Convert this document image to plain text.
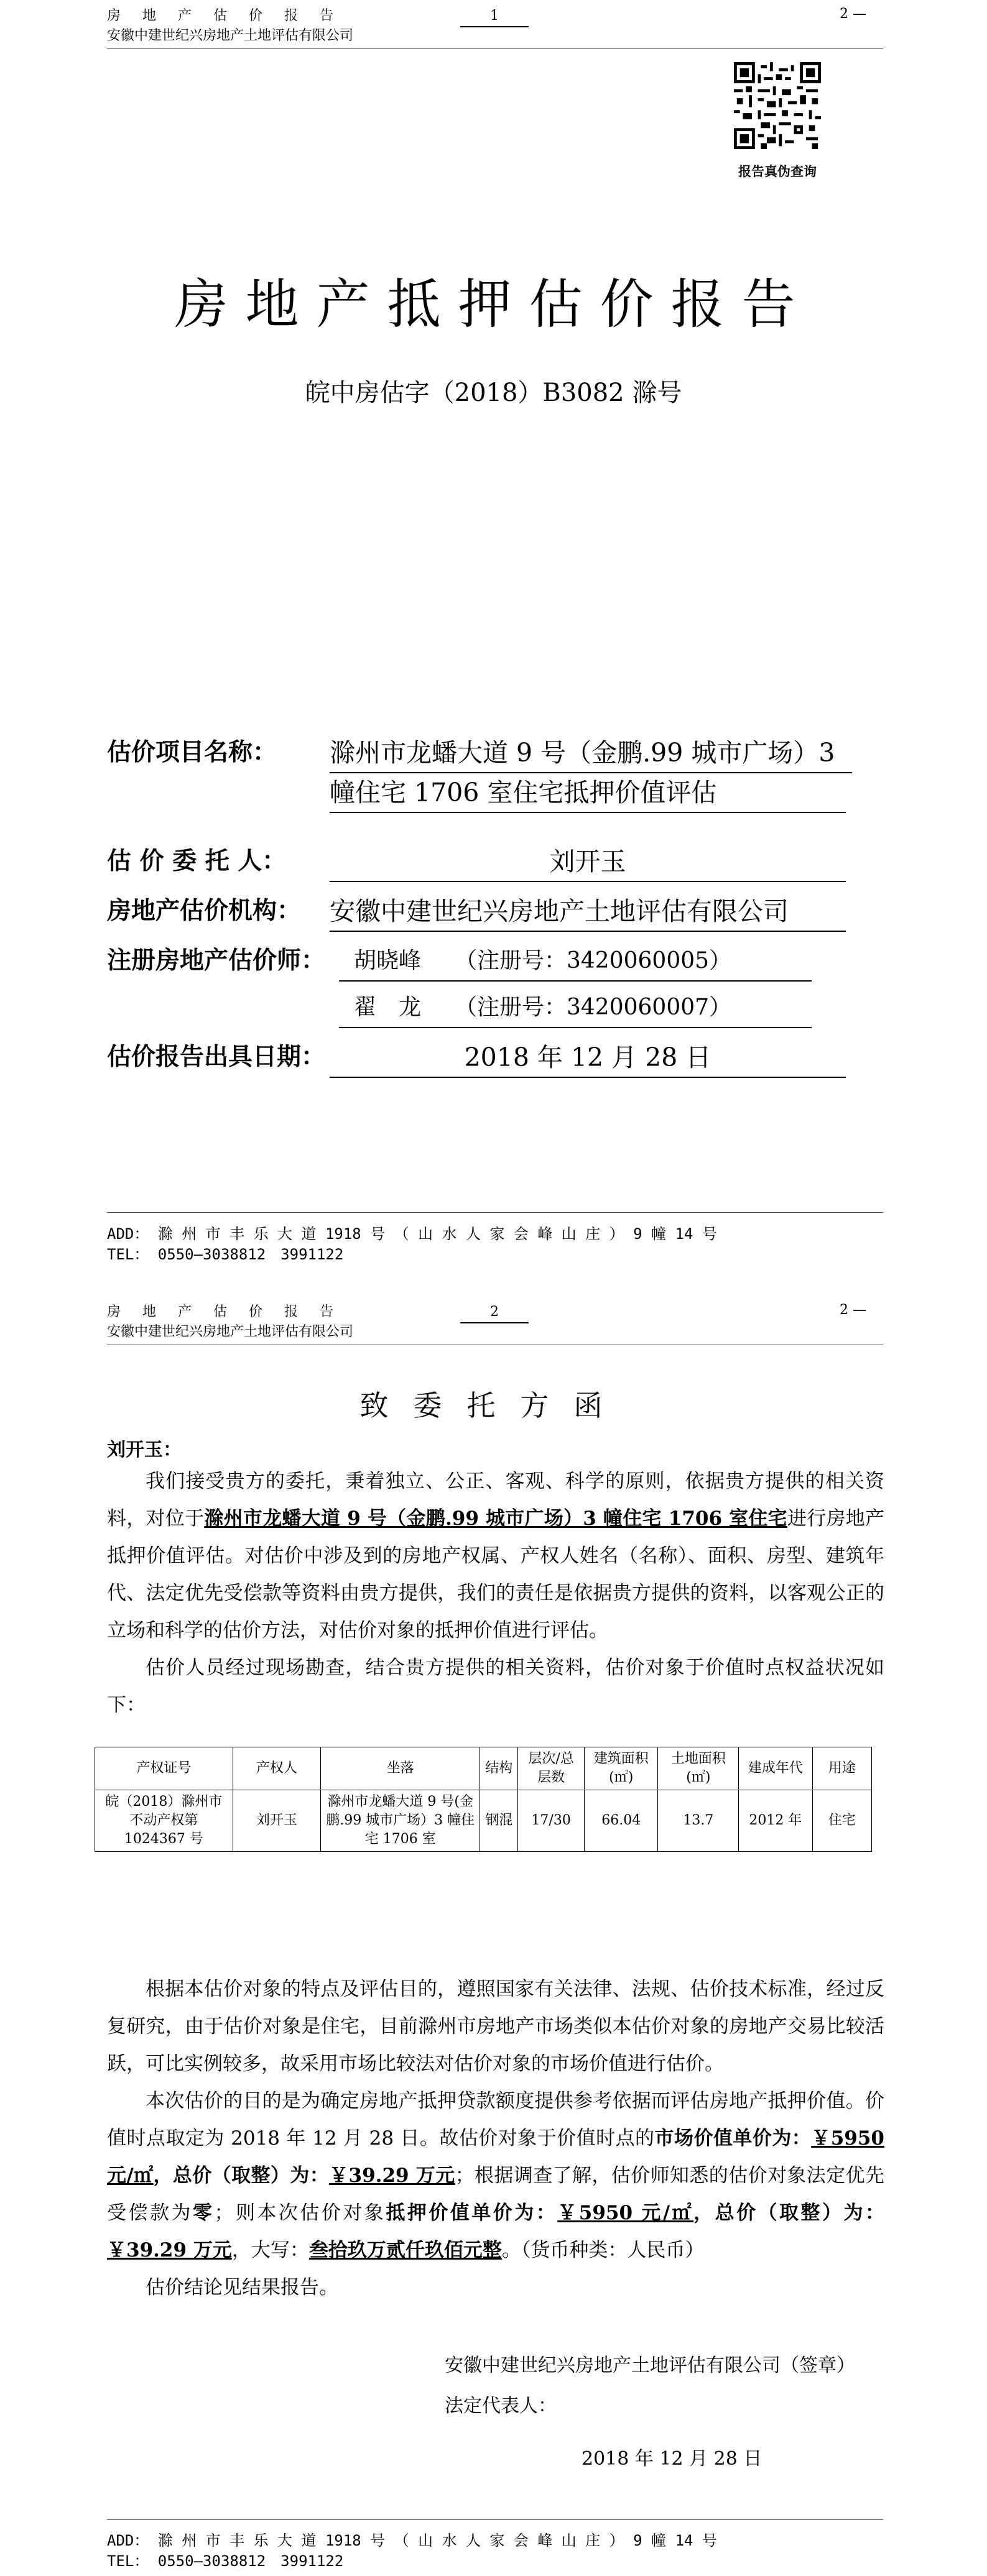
房 地 产 估 价 报 告
安徽中建世纪兴房地产土地评估有限公司
1	2 —
报告真伪查询
房地产抵押估价报告
皖中房估字（2018）B3082 滁号
估价项目名称： 滁州市龙蟠大道 9 号（金鹏.99 城市广场）3
幢住宅 1706 室住宅抵押价值评估
估 价 委 托 人：	刘开玉
房地产估价机构： 安徽中建世纪兴房地产土地评估有限公司
注册房地产估价师：	胡晓峰　　（注册号：3420060005）
翟　龙　　（注册号：3420060007）
估价报告出具日期：	2018 年 12 月 28 日
ADD： 滁 州 市 丰 乐 大 道 1918 号 （ 山 水 人 家 会 峰 山 庄 ） 9 幢 14 号
TEL： 0550—3038812　3991122
房 地 产 估 价 报 告
安徽中建世纪兴房地产土地评估有限公司
2	2 —
致委托方函
刘开玉：
我们接受贵方的委托，秉着独立、公正、客观、科学的原则，依据贵方提供的相关资料，对位于滁州市龙蟠大道 9 号（金鹏.99 城市广场）3 幢住宅 1706 室住宅进行房地产抵押价值评估。对估价中涉及到的房地产权属、产权人姓名（名称）、面积、房型、建筑年代、法定优先受偿款等资料由贵方提供，我们的责任是依据贵方提供的资料，以客观公正的立场和科学的估价方法，对估价对象的抵押价值进行评估。
估价人员经过现场勘查，结合贵方提供的相关资料，估价对象于价值时点权益状况如下：
产权证号	产权人	坐落	结构	层次/总层数	建筑面积(㎡)	土地面积(㎡)	建成年代	用途
皖（2018）滁州市不动产权第 1024367 号	刘开玉	滁州市龙蟠大道 9 号(金鹏.99 城市广场）3 幢住宅 1706 室	钢混	17/30	66.04	13.7	2012 年	住宅
根据本估价对象的特点及评估目的，遵照国家有关法律、法规、估价技术标准，经过反复研究，由于估价对象是住宅，目前滁州市房地产市场类似本估价对象的房地产交易比较活跃，可比实例较多，故采用市场比较法对估价对象的市场价值进行估价。
本次估价的目的是为确定房地产抵押贷款额度提供参考依据而评估房地产抵押价值。价值时点取定为 2018 年 12 月 28 日。故估价对象于价值时点的市场价值单价为：￥5950 元/㎡，总价（取整）为：￥39.29 万元；根据调查了解，估价师知悉的估价对象法定优先受偿款为零；则本次估价对象抵押价值单价为：￥5950 元/㎡，总价（取整）为：￥39.29 万元，大写：叁拾玖万贰仟玖佰元整。（货币种类：人民币）
估价结论见结果报告。
安徽中建世纪兴房地产土地评估有限公司（签章）
法定代表人：
2018 年 12 月 28 日
ADD： 滁 州 市 丰 乐 大 道 1918 号 （ 山 水 人 家 会 峰 山 庄 ） 9 幢 14 号
TEL： 0550—3038812　3991122
